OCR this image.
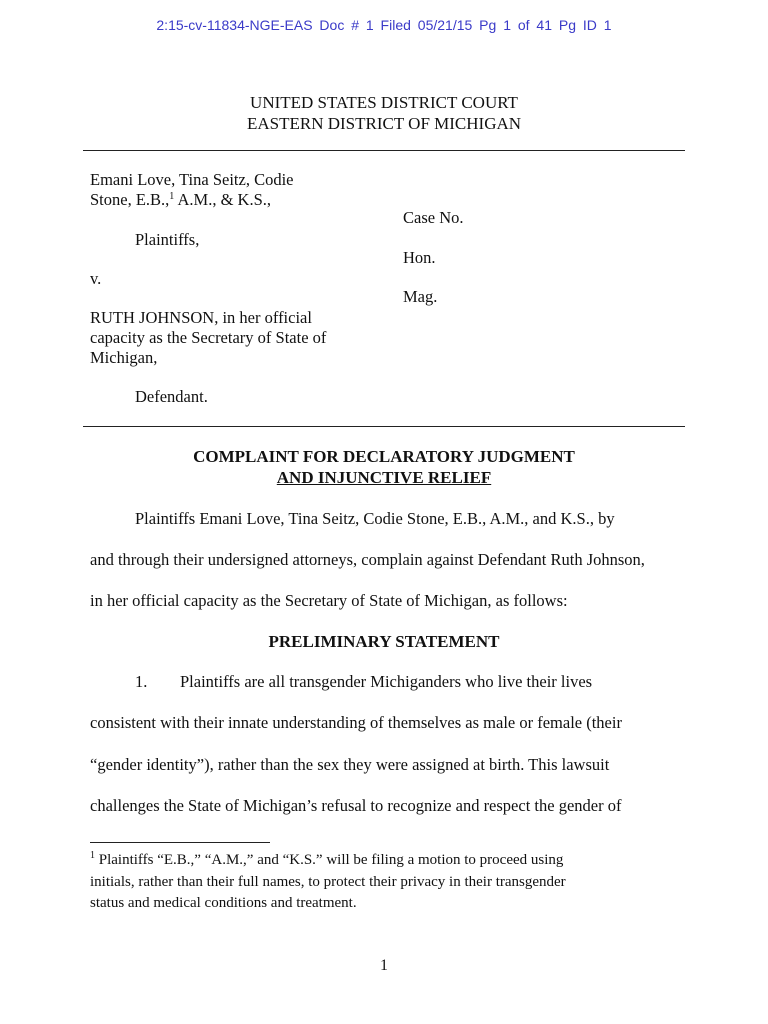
2:15-cv-11834-NGE-EAS Doc # 1 Filed 05/21/15 Pg 1 of 41 Pg ID 1
UNITED STATES DISTRICT COURT
EASTERN DISTRICT OF MICHIGAN
Emani Love, Tina Seitz, Codie
Stone, E.B.,$^1$ A.M., & K.S.,
Plaintiffs,
v.
RUTH JOHNSON, in her official
capacity as the Secretary of State of
Michigan,
Defendant.
Case No.
Hon.
Mag.
COMPLAINT FOR DECLARATORY JUDGMENT
AND INJUNCTIVE RELIEF
Plaintiffs Emani Love, Tina Seitz, Codie Stone, E.B., A.M., and K.S., by
and through their undersigned attorneys, complain against Defendant Ruth Johnson,
in her official capacity as the Secretary of State of Michigan, as follows:
PRELIMINARY STATEMENT
1. Plaintiffs are all transgender Michiganders who live their lives
consistent with their innate understanding of themselves as male or female (their
“gender identity”), rather than the sex they were assigned at birth. This lawsuit
challenges the State of Michigan’s refusal to recognize and respect the gender of
$^1$ Plaintiffs “E.B.,” “A.M.,” and “K.S.” will be filing a motion to proceed using
initials, rather than their full names, to protect their privacy in their transgender
status and medical conditions and treatment.
1
